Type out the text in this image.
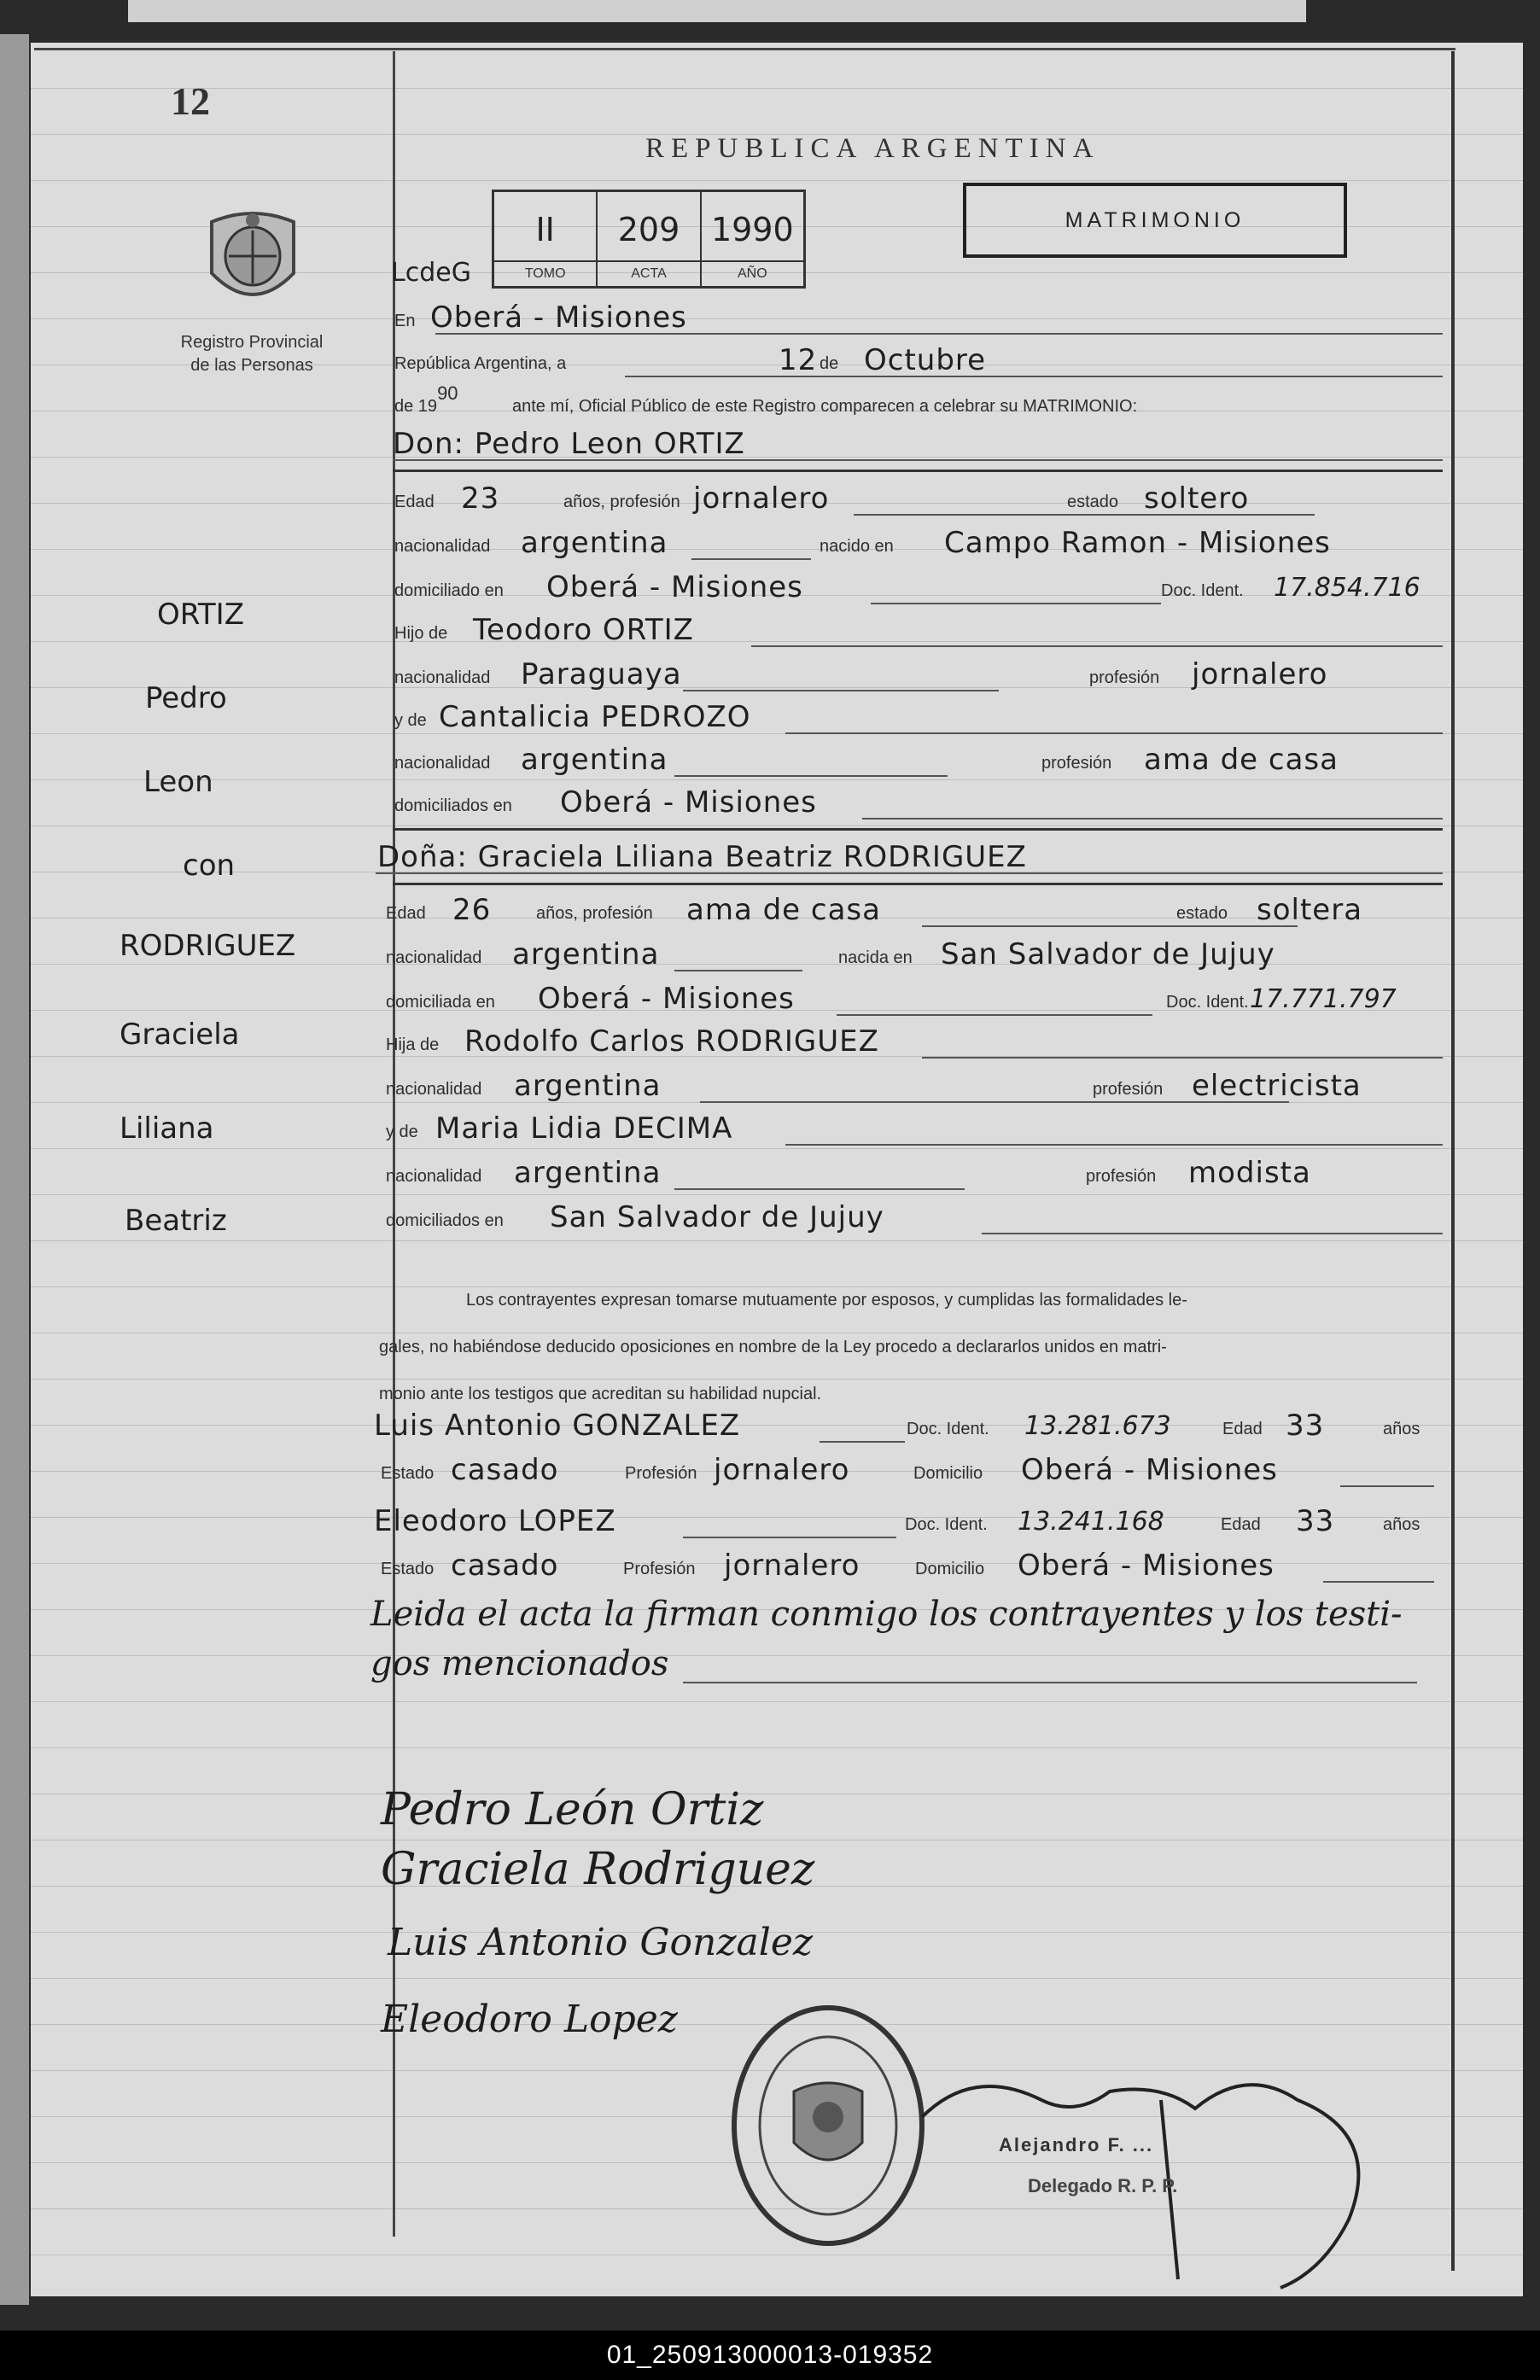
12
Registro Provincial
de las Personas
REPUBLICA ARGENTINA
LcdeG
II
TOMO
209
ACTA
1990
AÑO
MATRIMONIO
En Oberá - Misiones
República Argentina, a	12 de Octubre
de 1990
ante mí, Oficial Público de este Registro comparecen a celebrar su MATRIMONIO:
Don: Pedro Leon ORTIZ
Edad 23	años, profesión jornalero	estado soltero
nacionalidad argentina	nacido en Campo Ramon - Misiones
domiciliado en Oberá - Misiones	Doc. Ident. 17.854.716
Hijo de Teodoro ORTIZ
nacionalidad Paraguaya	profesión jornalero
y de Cantalicia PEDROZO
nacionalidad argentina	profesión ama de casa
domiciliados en Oberá - Misiones
Doña: Graciela Liliana Beatriz RODRIGUEZ
Edad 26	años, profesión ama de casa	estado soltera
nacionalidad argentina	nacida en San Salvador de Jujuy
domiciliada en Oberá - Misiones	Doc. Ident. 17.771.797
Hija de Rodolfo Carlos RODRIGUEZ
nacionalidad argentina	profesión electricista
y de Maria Lidia DECIMA
nacionalidad argentina	profesión modista
domiciliados en San Salvador de Jujuy
ORTIZ
Pedro
Leon
con
RODRIGUEZ
Graciela
Liliana
Beatriz
Los contrayentes expresan tomarse mutuamente por esposos, y cumplidas las formalidades le-
gales, no habiéndose deducido oposiciones en nombre de la Ley procedo a declararlos unidos en matri-
monio ante los testigos que acreditan su habilidad nupcial.
Luis Antonio GONZALEZ	Doc. Ident. 13.281.673	Edad 33	años
Estado casado	Profesión jornalero	Domicilio Oberá - Misiones
Eleodoro LOPEZ	Doc. Ident. 13.241.168	Edad 33	años
Estado casado	Profesión jornalero	Domicilio Oberá - Misiones
Leida el acta la firman conmigo los contrayentes y los testi-
gos mencionados
Pedro León Ortiz
Graciela Rodriguez
Luis Antonio Gonzalez
Eleodoro Lopez
Alejandro F. ...
Delegado R. P. P.
01_250913000013-019352
